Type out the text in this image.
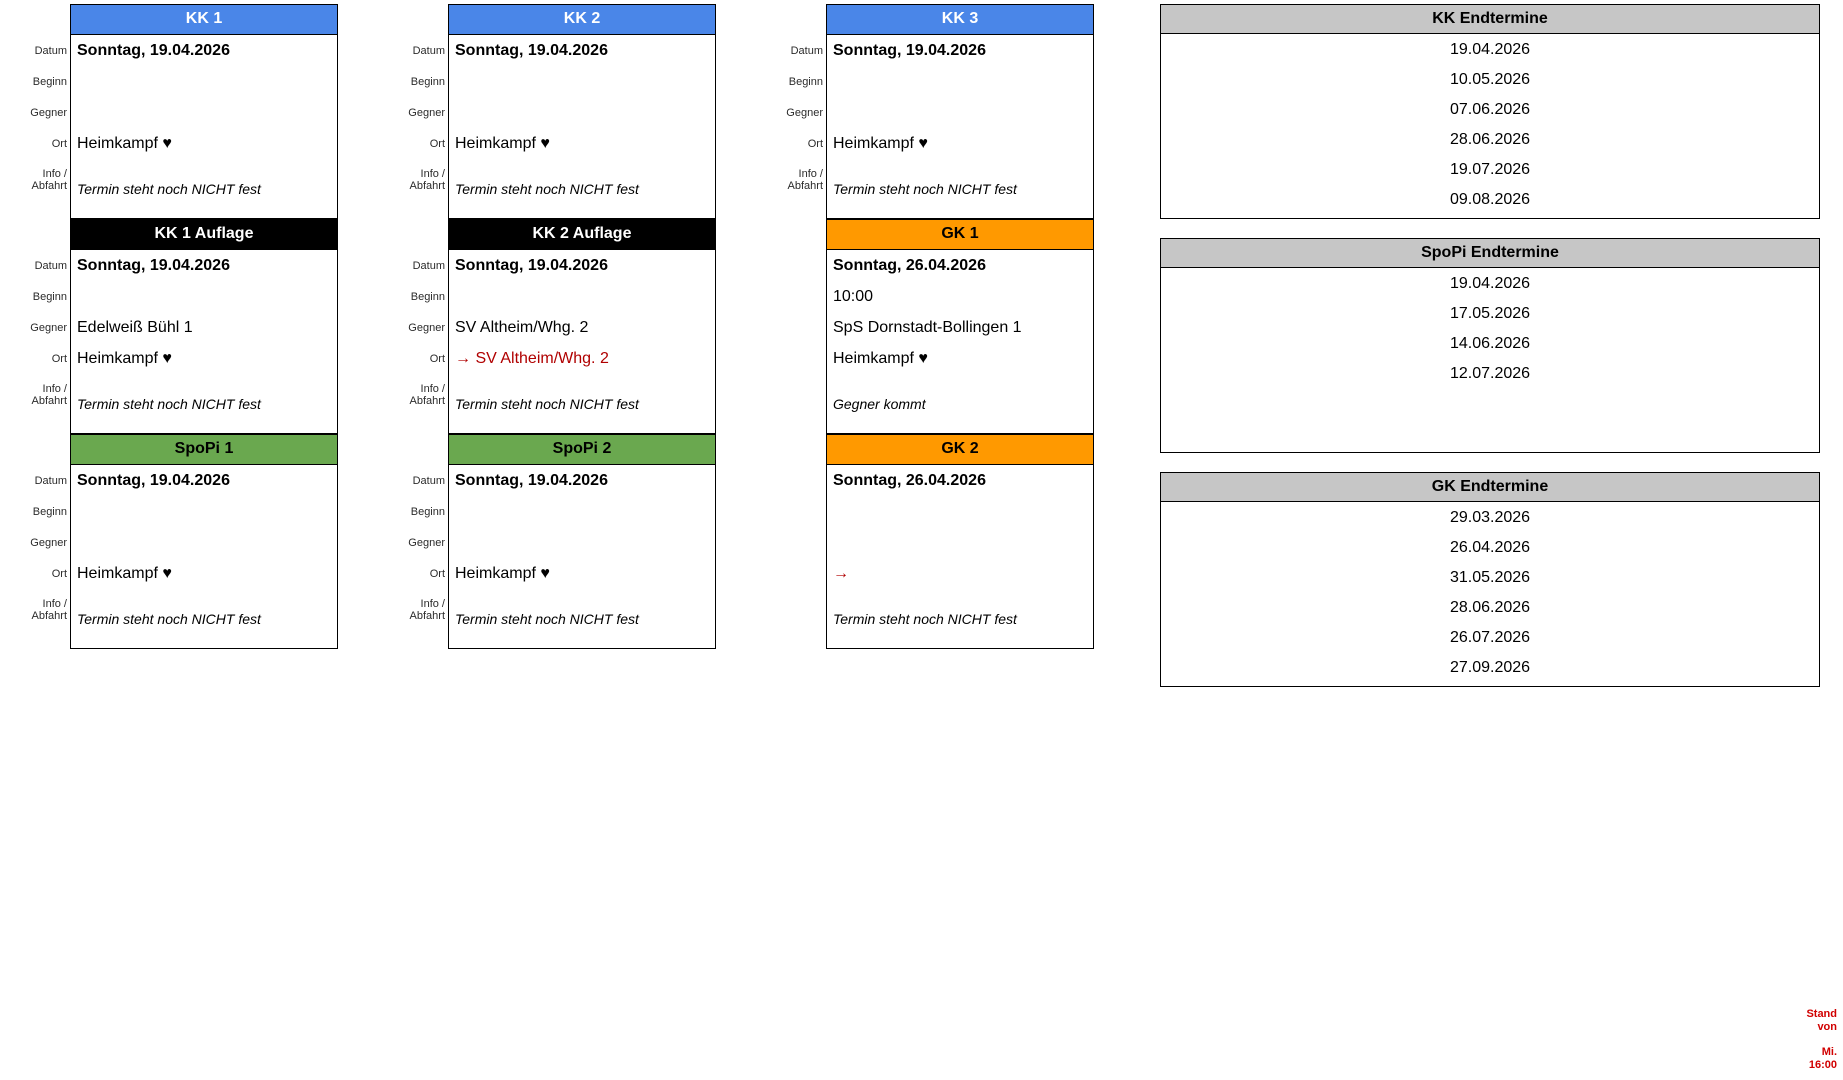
Datum
Beginn
Gegner
Ort
Info /
Abfahrt
KK 1
Sonntag, 19.04.2026
Heimkampf ♥
Termin steht noch NICHT fest
Datum
Beginn
Gegner
Ort
Info /
Abfahrt
KK 2
Sonntag, 19.04.2026
Heimkampf ♥
Termin steht noch NICHT fest
Datum
Beginn
Gegner
Ort
Info /
Abfahrt
KK 3
Sonntag, 19.04.2026
Heimkampf ♥
Termin steht noch NICHT fest
Datum
Beginn
Gegner
Ort
Info /
Abfahrt
KK 1 Auflage
Sonntag, 19.04.2026
Edelweiß Bühl 1
Heimkampf ♥
Termin steht noch NICHT fest
Datum
Beginn
Gegner
Ort
Info /
Abfahrt
KK 2 Auflage
Sonntag, 19.04.2026
SV Altheim/Whg. 2
→ SV Altheim/Whg. 2
Termin steht noch NICHT fest
GK 1
Sonntag, 26.04.2026
10:00
SpS Dornstadt-Bollingen 1
Heimkampf ♥
Gegner kommt
Datum
Beginn
Gegner
Ort
Info /
Abfahrt
SpoPi 1
Sonntag, 19.04.2026
Heimkampf ♥
Termin steht noch NICHT fest
Datum
Beginn
Gegner
Ort
Info /
Abfahrt
SpoPi 2
Sonntag, 19.04.2026
Heimkampf ♥
Termin steht noch NICHT fest
GK 2
Sonntag, 26.04.2026
→
Termin steht noch NICHT fest
KK Endtermine
19.04.2026
10.05.2026
07.06.2026
28.06.2026
19.07.2026
09.08.2026
SpoPi Endtermine
19.04.2026
17.05.2026
14.06.2026
12.07.2026
GK Endtermine
29.03.2026
26.04.2026
31.05.2026
28.06.2026
26.07.2026
27.09.2026
Stand
von
Mi.
16:00
